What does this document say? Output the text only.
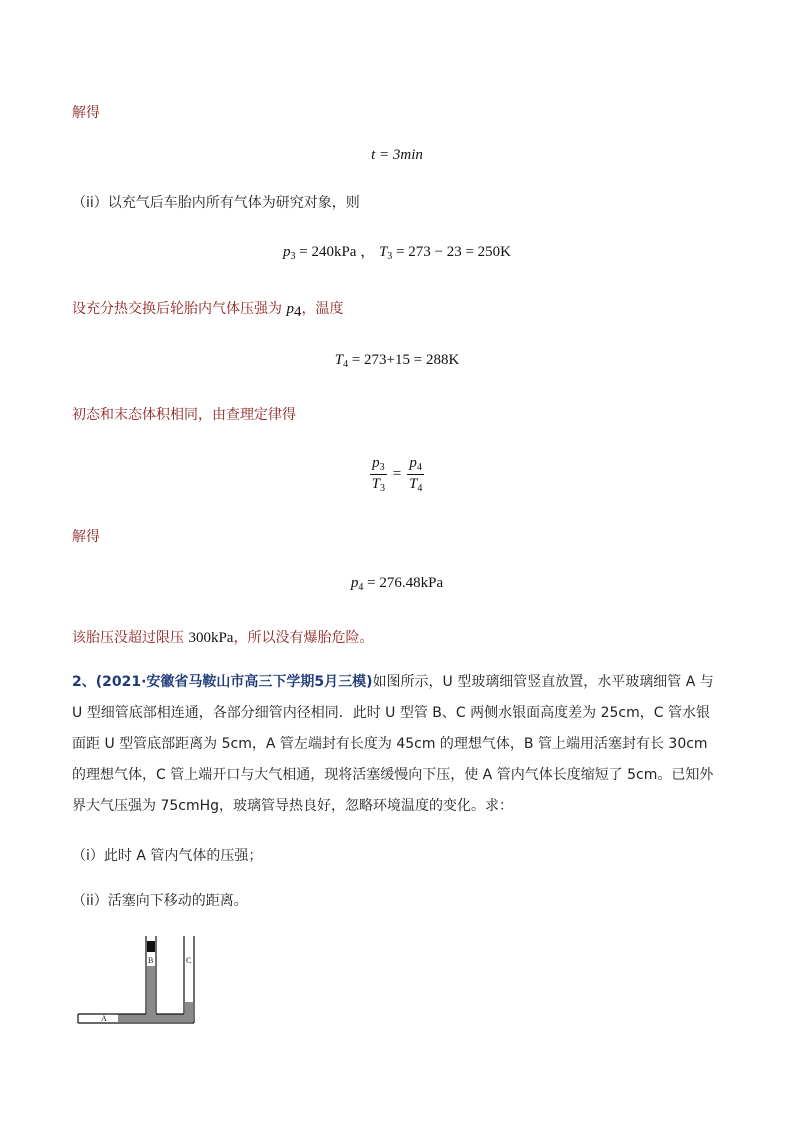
解得
t = 3min
（ii）以充气后车胎内所有气体为研究对象，则
$p_3 = 240kPa$ ， $T_3 = 273 - 23 = 250K$
设充分热交换后轮胎内气体压强为 $p_4$，温度
$T_4 = 273+15 = 288K$
初态和末态体积相同，由查理定律得
$\frac{p_3}{T_3} = \frac{p_4}{T_4}$
解得
$p_4 = 276.48kPa$
该胎压没超过限压 300kPa，所以没有爆胎危险。
2、(2021·安徽省马鞍山市高三下学期5月三模)如图所示，U 型玻璃细管竖直放置，水平玻璃细管 A 与 U 型细管底部相连通，各部分细管内径相同．此时 U 型管 B、C 两侧水银面高度差为 25cm，C 管水银面距 U 型管底部距离为 5cm，A 管左端封有长度为 45cm 的理想气体，B 管上端用活塞封有长 30cm 的理想气体，C 管上端开口与大气相通，现将活塞缓慢向下压，使 A 管内气体长度缩短了 5cm。已知外界大气压强为 75cmHg，玻璃管导热良好，忽略环境温度的变化。求：
（i）此时 A 管内气体的压强；
（ii）活塞向下移动的距离。
B	C
A
